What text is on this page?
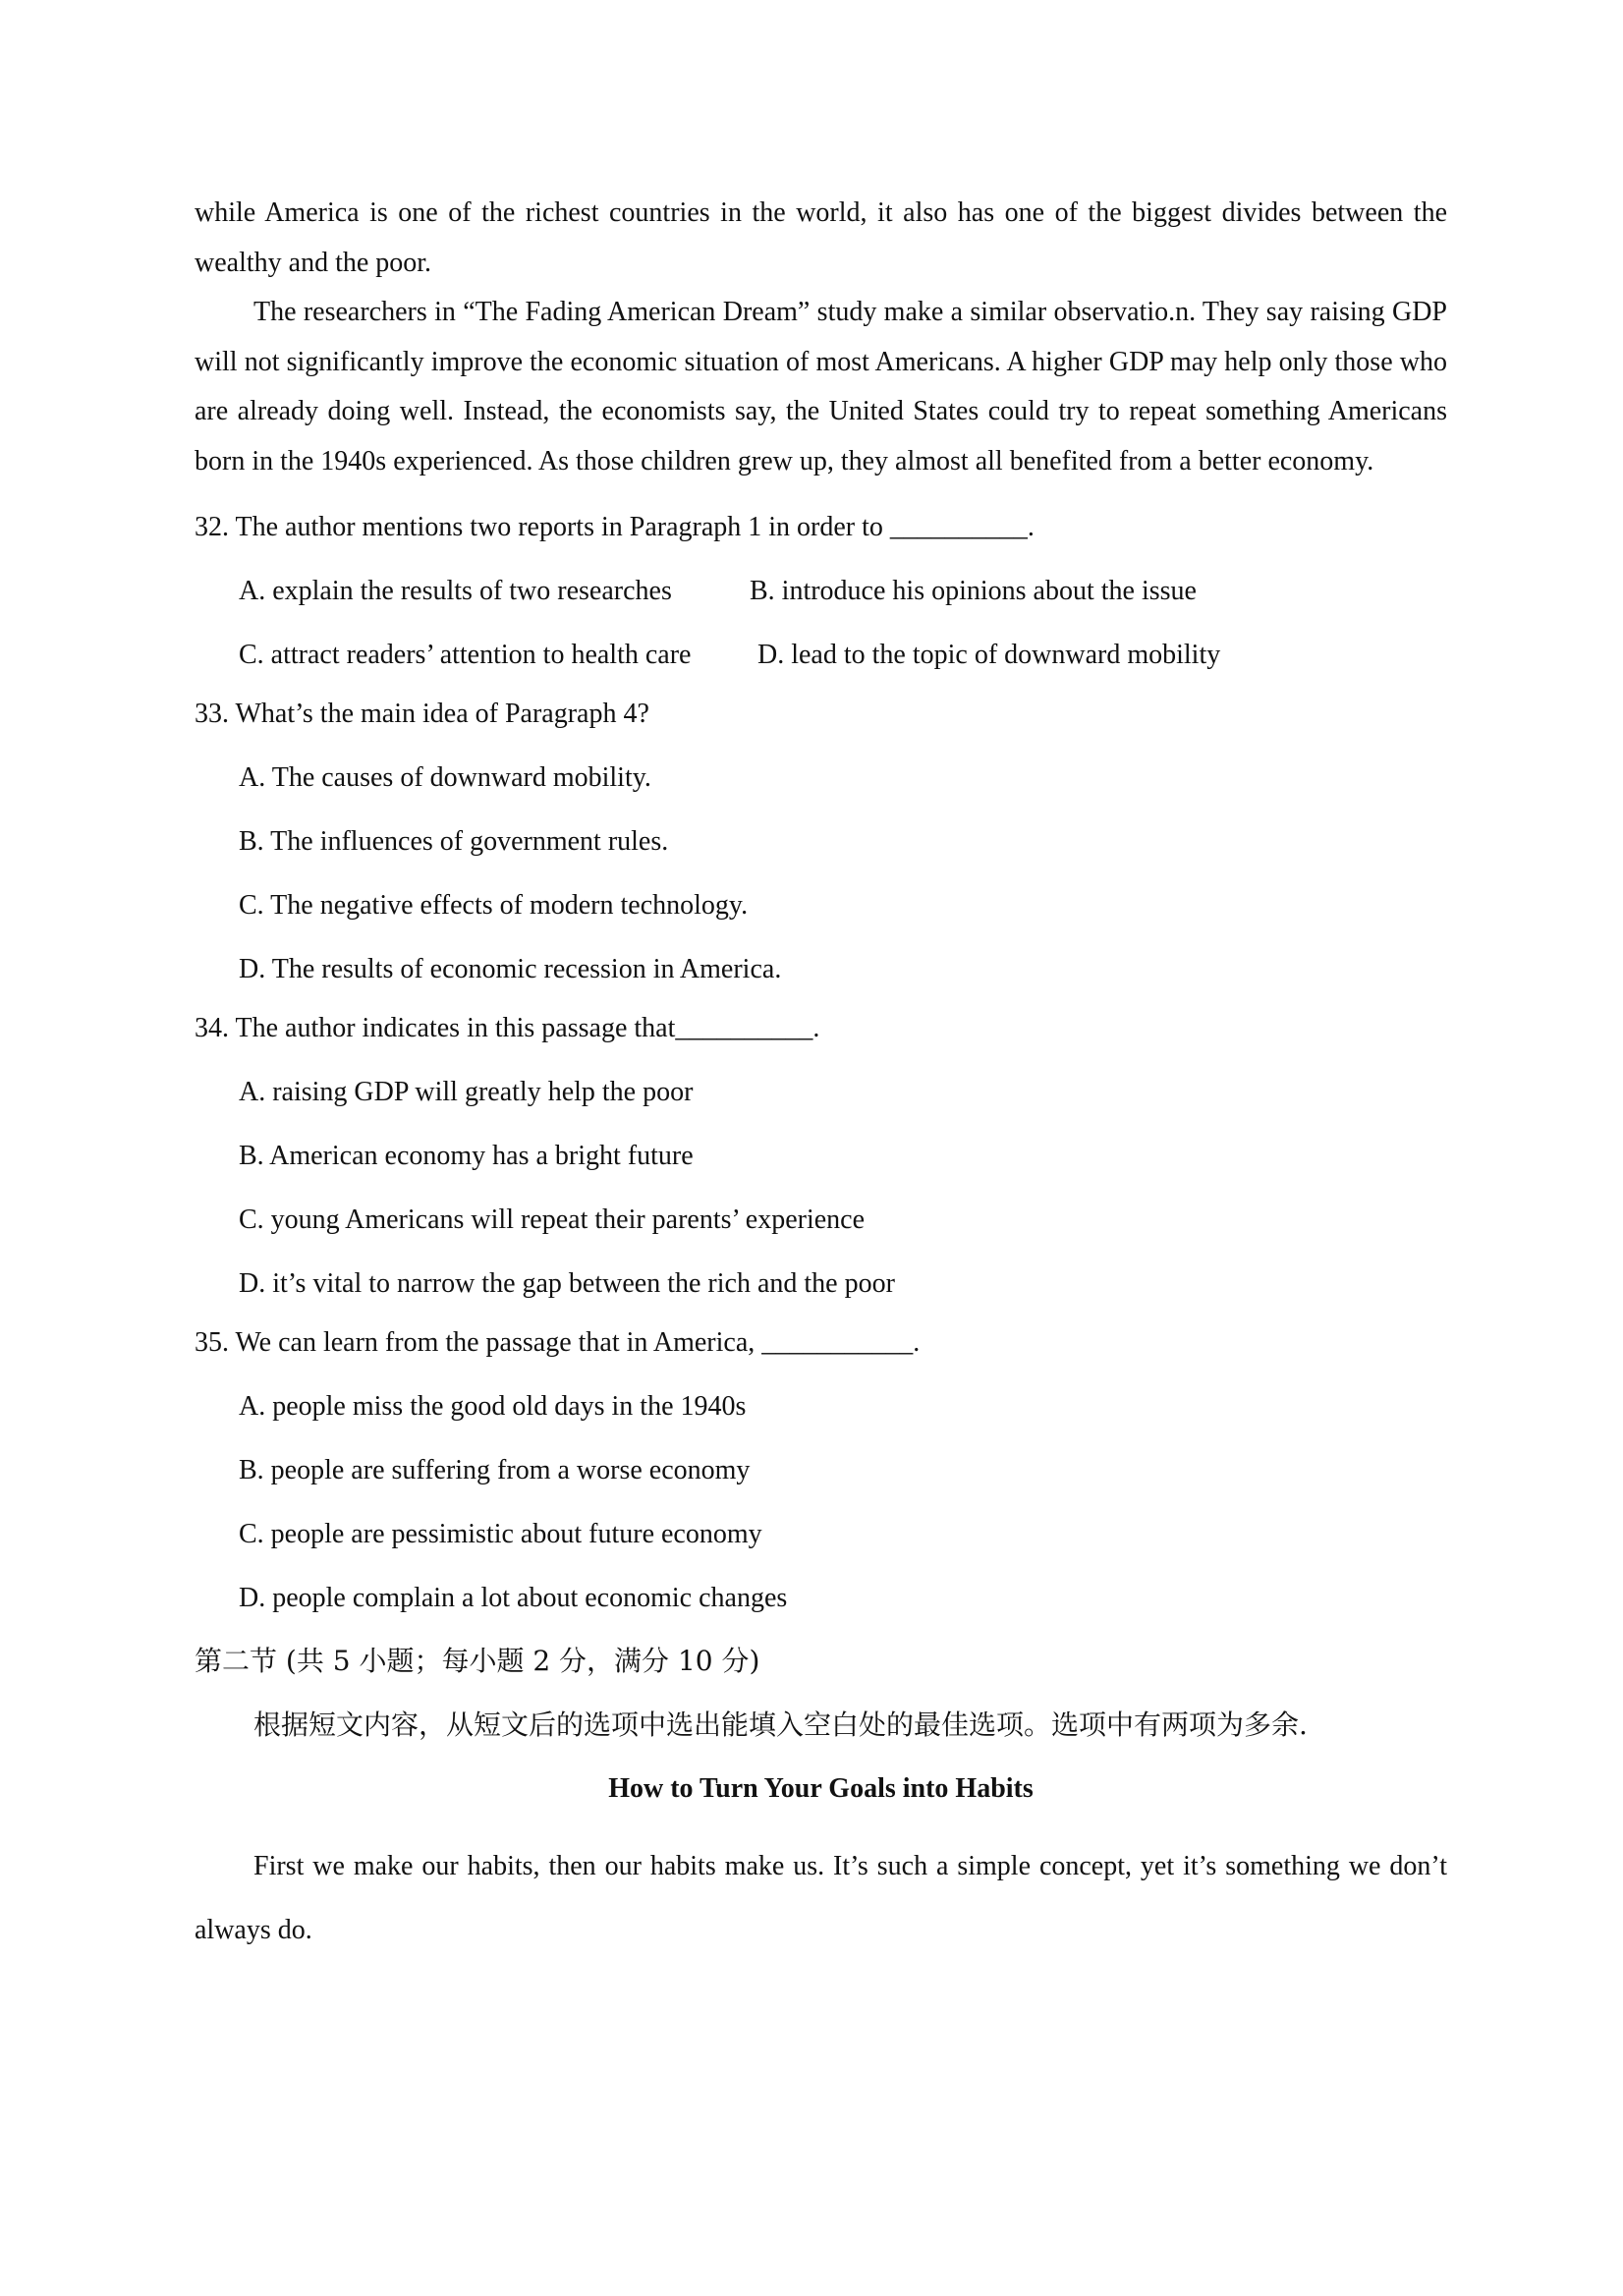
while America is one of the richest countries in the world, it also has one of the biggest divides between the wealthy and the poor.

The researchers in “The Fading American Dream” study make a similar observatio.n. They say raising GDP will not significantly improve the economic situation of most Americans. A higher GDP may help only those who are already doing well. Instead, the economists say, the United States could try to repeat something Americans born in the 1940s experienced. As those children grew up, they almost all benefited from a better economy.

32. The author mentions two reports in Paragraph 1 in order to __________.

A. explain the results of two researches	B. introduce his opinions about the issue
C. attract readers’ attention to health care	D. lead to the topic of downward mobility

33. What’s the main idea of Paragraph 4?

A. The causes of downward mobility.

B. The influences of government rules.

C. The negative effects of modern technology.

D. The results of economic recession in America.

34. The author indicates in this passage that__________.

A. raising GDP will greatly help the poor

B. American economy has a bright future

C. young Americans will repeat their parents’ experience

D. it’s vital to narrow the gap between the rich and the poor

35. We can learn from the passage that in America, ___________.

A. people miss the good old days in the 1940s

B. people are suffering from a worse economy

C. people are pessimistic about future economy

D. people complain a lot about economic changes

第二节 (共 5 小题；每小题 2 分，满分 10 分)

根据短文内容，从短文后的选项中选出能填入空白处的最佳选项。选项中有两项为多余.

How to Turn Your Goals into Habits

First we make our habits, then our habits make us. It’s such a simple concept, yet it’s something we don’t always do.
